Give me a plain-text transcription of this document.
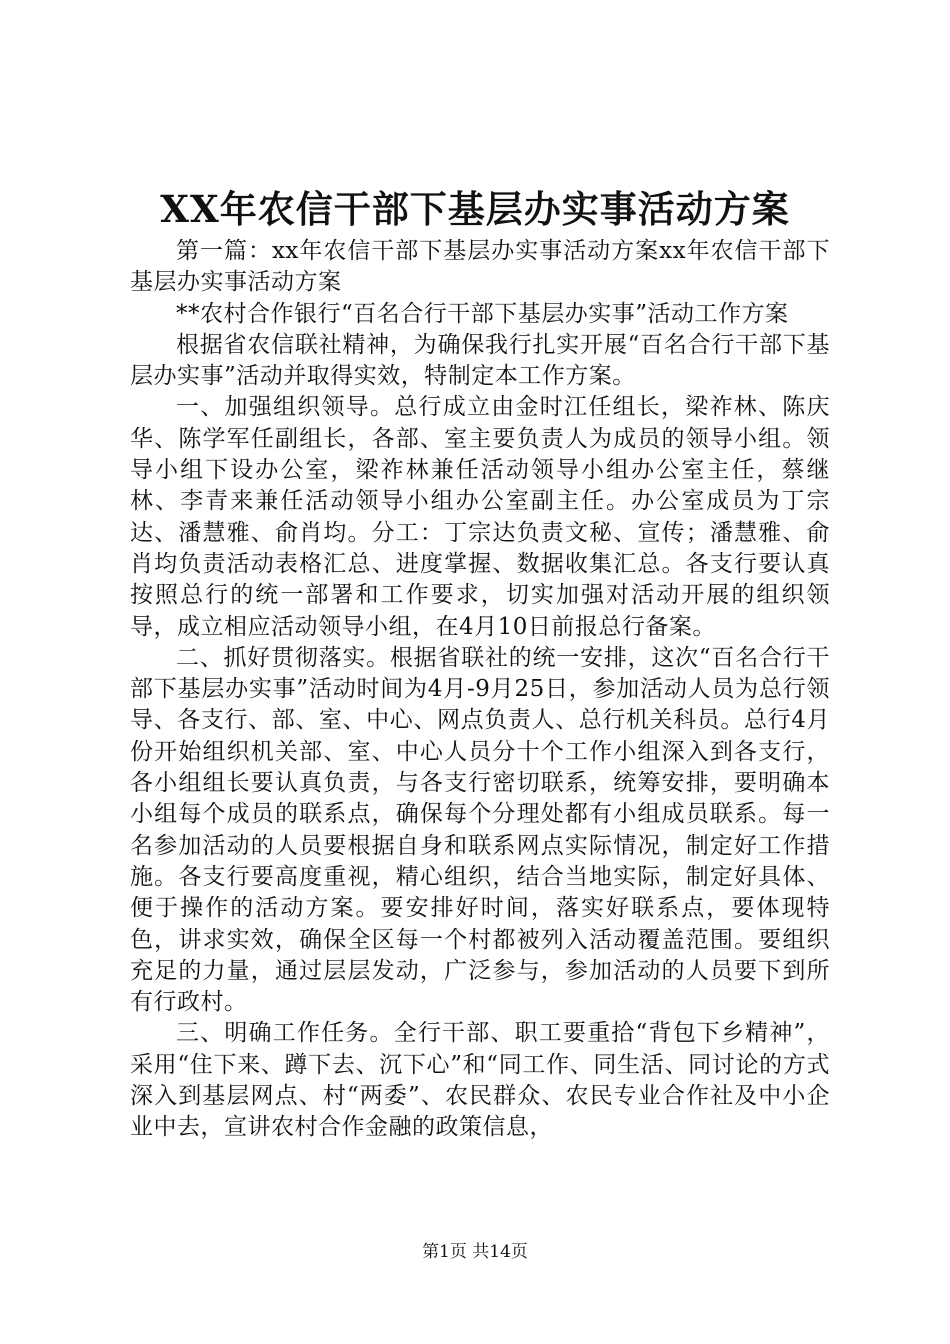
XX年农信干部下基层办实事活动方案

第一篇：xx年农信干部下基层办实事活动方案xx年农信干部下基层办实事活动方案

**农村合作银行“百名合行干部下基层办实事”活动工作方案

根据省农信联社精神，为确保我行扎实开展“百名合行干部下基层办实事”活动并取得实效，特制定本工作方案。

一、加强组织领导。总行成立由金时江任组长，梁祚林、陈庆华、陈学军任副组长，各部、室主要负责人为成员的领导小组。领导小组下设办公室，梁祚林兼任活动领导小组办公室主任，蔡继林、李青来兼任活动领导小组办公室副主任。办公室成员为丁宗达、潘慧雅、俞肖均。分工：丁宗达负责文秘、宣传；潘慧雅、俞肖均负责活动表格汇总、进度掌握、数据收集汇总。各支行要认真按照总行的统一部署和工作要求，切实加强对活动开展的组织领导，成立相应活动领导小组，在4月10日前报总行备案。

二、抓好贯彻落实。根据省联社的统一安排，这次“百名合行干部下基层办实事”活动时间为4月-9月25日，参加活动人员为总行领导、各支行、部、室、中心、网点负责人、总行机关科员。总行4月份开始组织机关部、室、中心人员分十个工作小组深入到各支行，各小组组长要认真负责，与各支行密切联系，统筹安排，要明确本小组每个成员的联系点，确保每个分理处都有小组成员联系。每一名参加活动的人员要根据自身和联系网点实际情况，制定好工作措施。各支行要高度重视，精心组织，结合当地实际，制定好具体、便于操作的活动方案。要安排好时间，落实好联系点，要体现特色，讲求实效，确保全区每一个村都被列入活动覆盖范围。要组织充足的力量，通过层层发动，广泛参与，参加活动的人员要下到所有行政村。

三、明确工作任务。全行干部、职工要重拾“背包下乡精神”，采用“住下来、蹲下去、沉下心”和“同工作、同生活、同讨论的方式深入到基层网点、村“两委”、农民群众、农民专业合作社及中小企业中去，宣讲农村合作金融的政策信息，

第1页 共14页
